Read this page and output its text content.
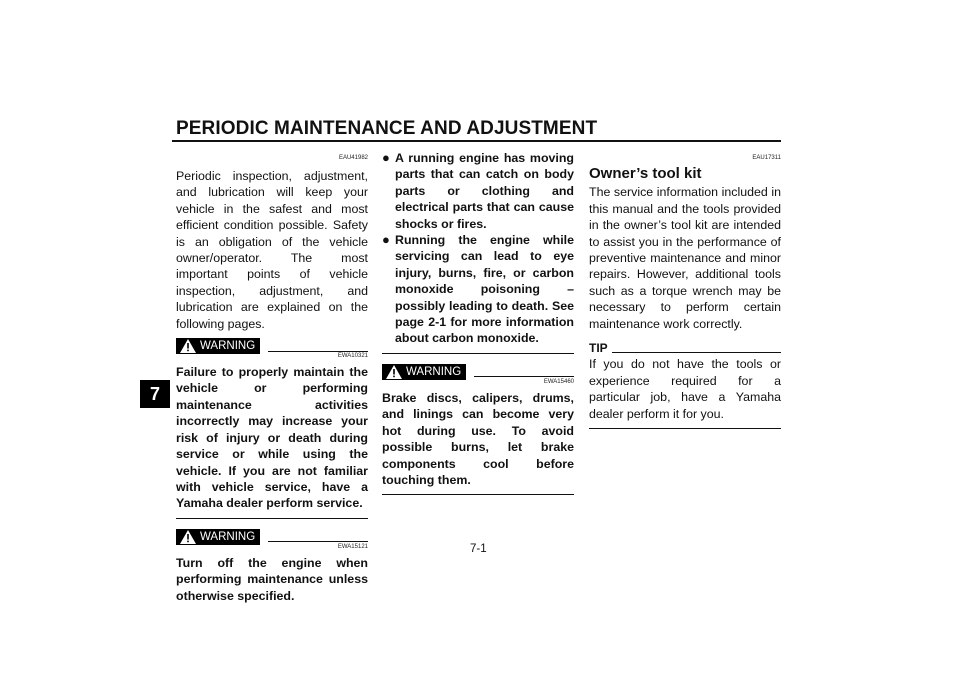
PERIODIC MAINTENANCE AND ADJUSTMENT
7
EAU41982

Periodic inspection, adjustment, and lubrication will keep your vehicle in the safest and most efficient condition possible. Safety is an obligation of the vehicle owner/operator. The most important points of vehicle inspection, adjustment, and lubrication are explained on the following pages.

WARNING
EWA10321

Failure to properly maintain the vehicle or performing maintenance activities incorrectly may increase your risk of injury or death during service or while using the vehicle. If you are not familiar with vehicle service, have a Yamaha dealer perform service.

WARNING
EWA15121

Turn off the engine when performing maintenance unless otherwise specified.

● A running engine has moving parts that can catch on body parts or clothing and electrical parts that can cause shocks or fires.
● Running the engine while servicing can lead to eye injury, burns, fire, or carbon monoxide poisoning – possibly leading to death. See page 2-1 for more information about carbon monoxide.
WARNING
EWA15460

Brake discs, calipers, drums, and linings can become very hot during use. To avoid possible burns, let brake components cool before touching them.

EAU17311
Owner’s tool kit

The service information included in this manual and the tools provided in the owner’s tool kit are intended to assist you in the performance of preventive maintenance and minor repairs. However, additional tools such as a torque wrench may be necessary to perform certain maintenance work correctly.

TIP

If you do not have the tools or experience required for a particular job, have a Yamaha dealer perform it for you.

7-1
